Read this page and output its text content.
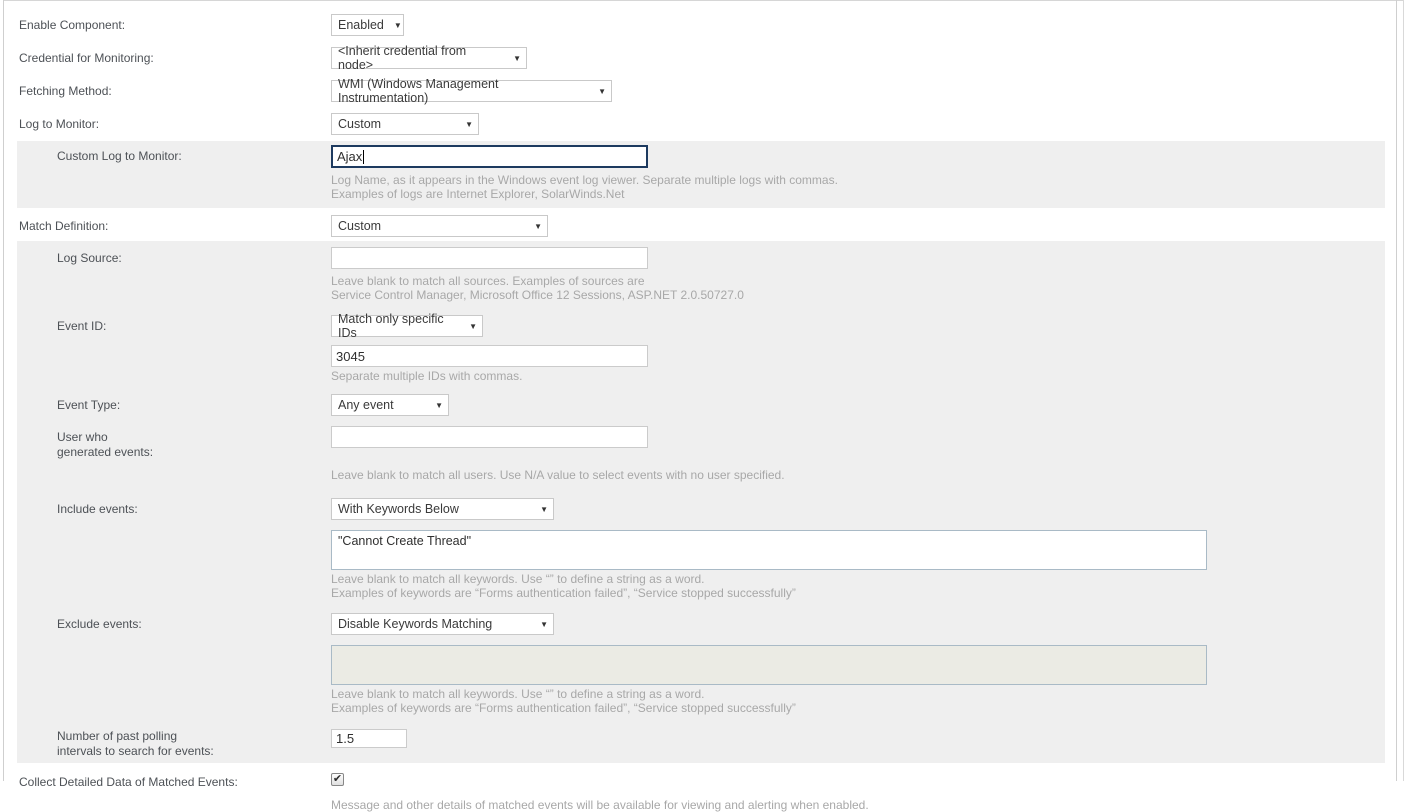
Enable Component:	Enabled ▼
Credential for Monitoring:	<Inherit credential from node>	▼
Fetching Method:	WMI (Windows Management Instrumentation)	▼
Log to Monitor:	Custom	▼
Custom Log to Monitor:	Ajax
Log Name, as it appears in the Windows event log viewer. Separate multiple logs with commas.
Examples of logs are Internet Explorer, SolarWinds.Net
Match Definition:	Custom	▼
Log Source:
Leave blank to match all sources. Examples of sources are
Service Control Manager, Microsoft Office 12 Sessions, ASP.NET 2.0.50727.0
Event ID:	Match only specific IDs	▼
3045
Separate multiple IDs with commas.
Event Type:	Any event	▼
User who
generated events:
Leave blank to match all users. Use N/A value to select events with no user specified.
Include events:	With Keywords Below	▼
"Cannot Create Thread"
Leave blank to match all keywords. Use “” to define a string as a word.
Examples of keywords are “Forms authentication failed”, “Service stopped successfully”
Exclude events:	Disable Keywords Matching	▼
Leave blank to match all keywords. Use “” to define a string as a word.
Examples of keywords are “Forms authentication failed”, “Service stopped successfully”
Number of past polling
intervals to search for events:
1.5
Collect Detailed Data of Matched Events:	✔
Message and other details of matched events will be available for viewing and alerting when enabled.
